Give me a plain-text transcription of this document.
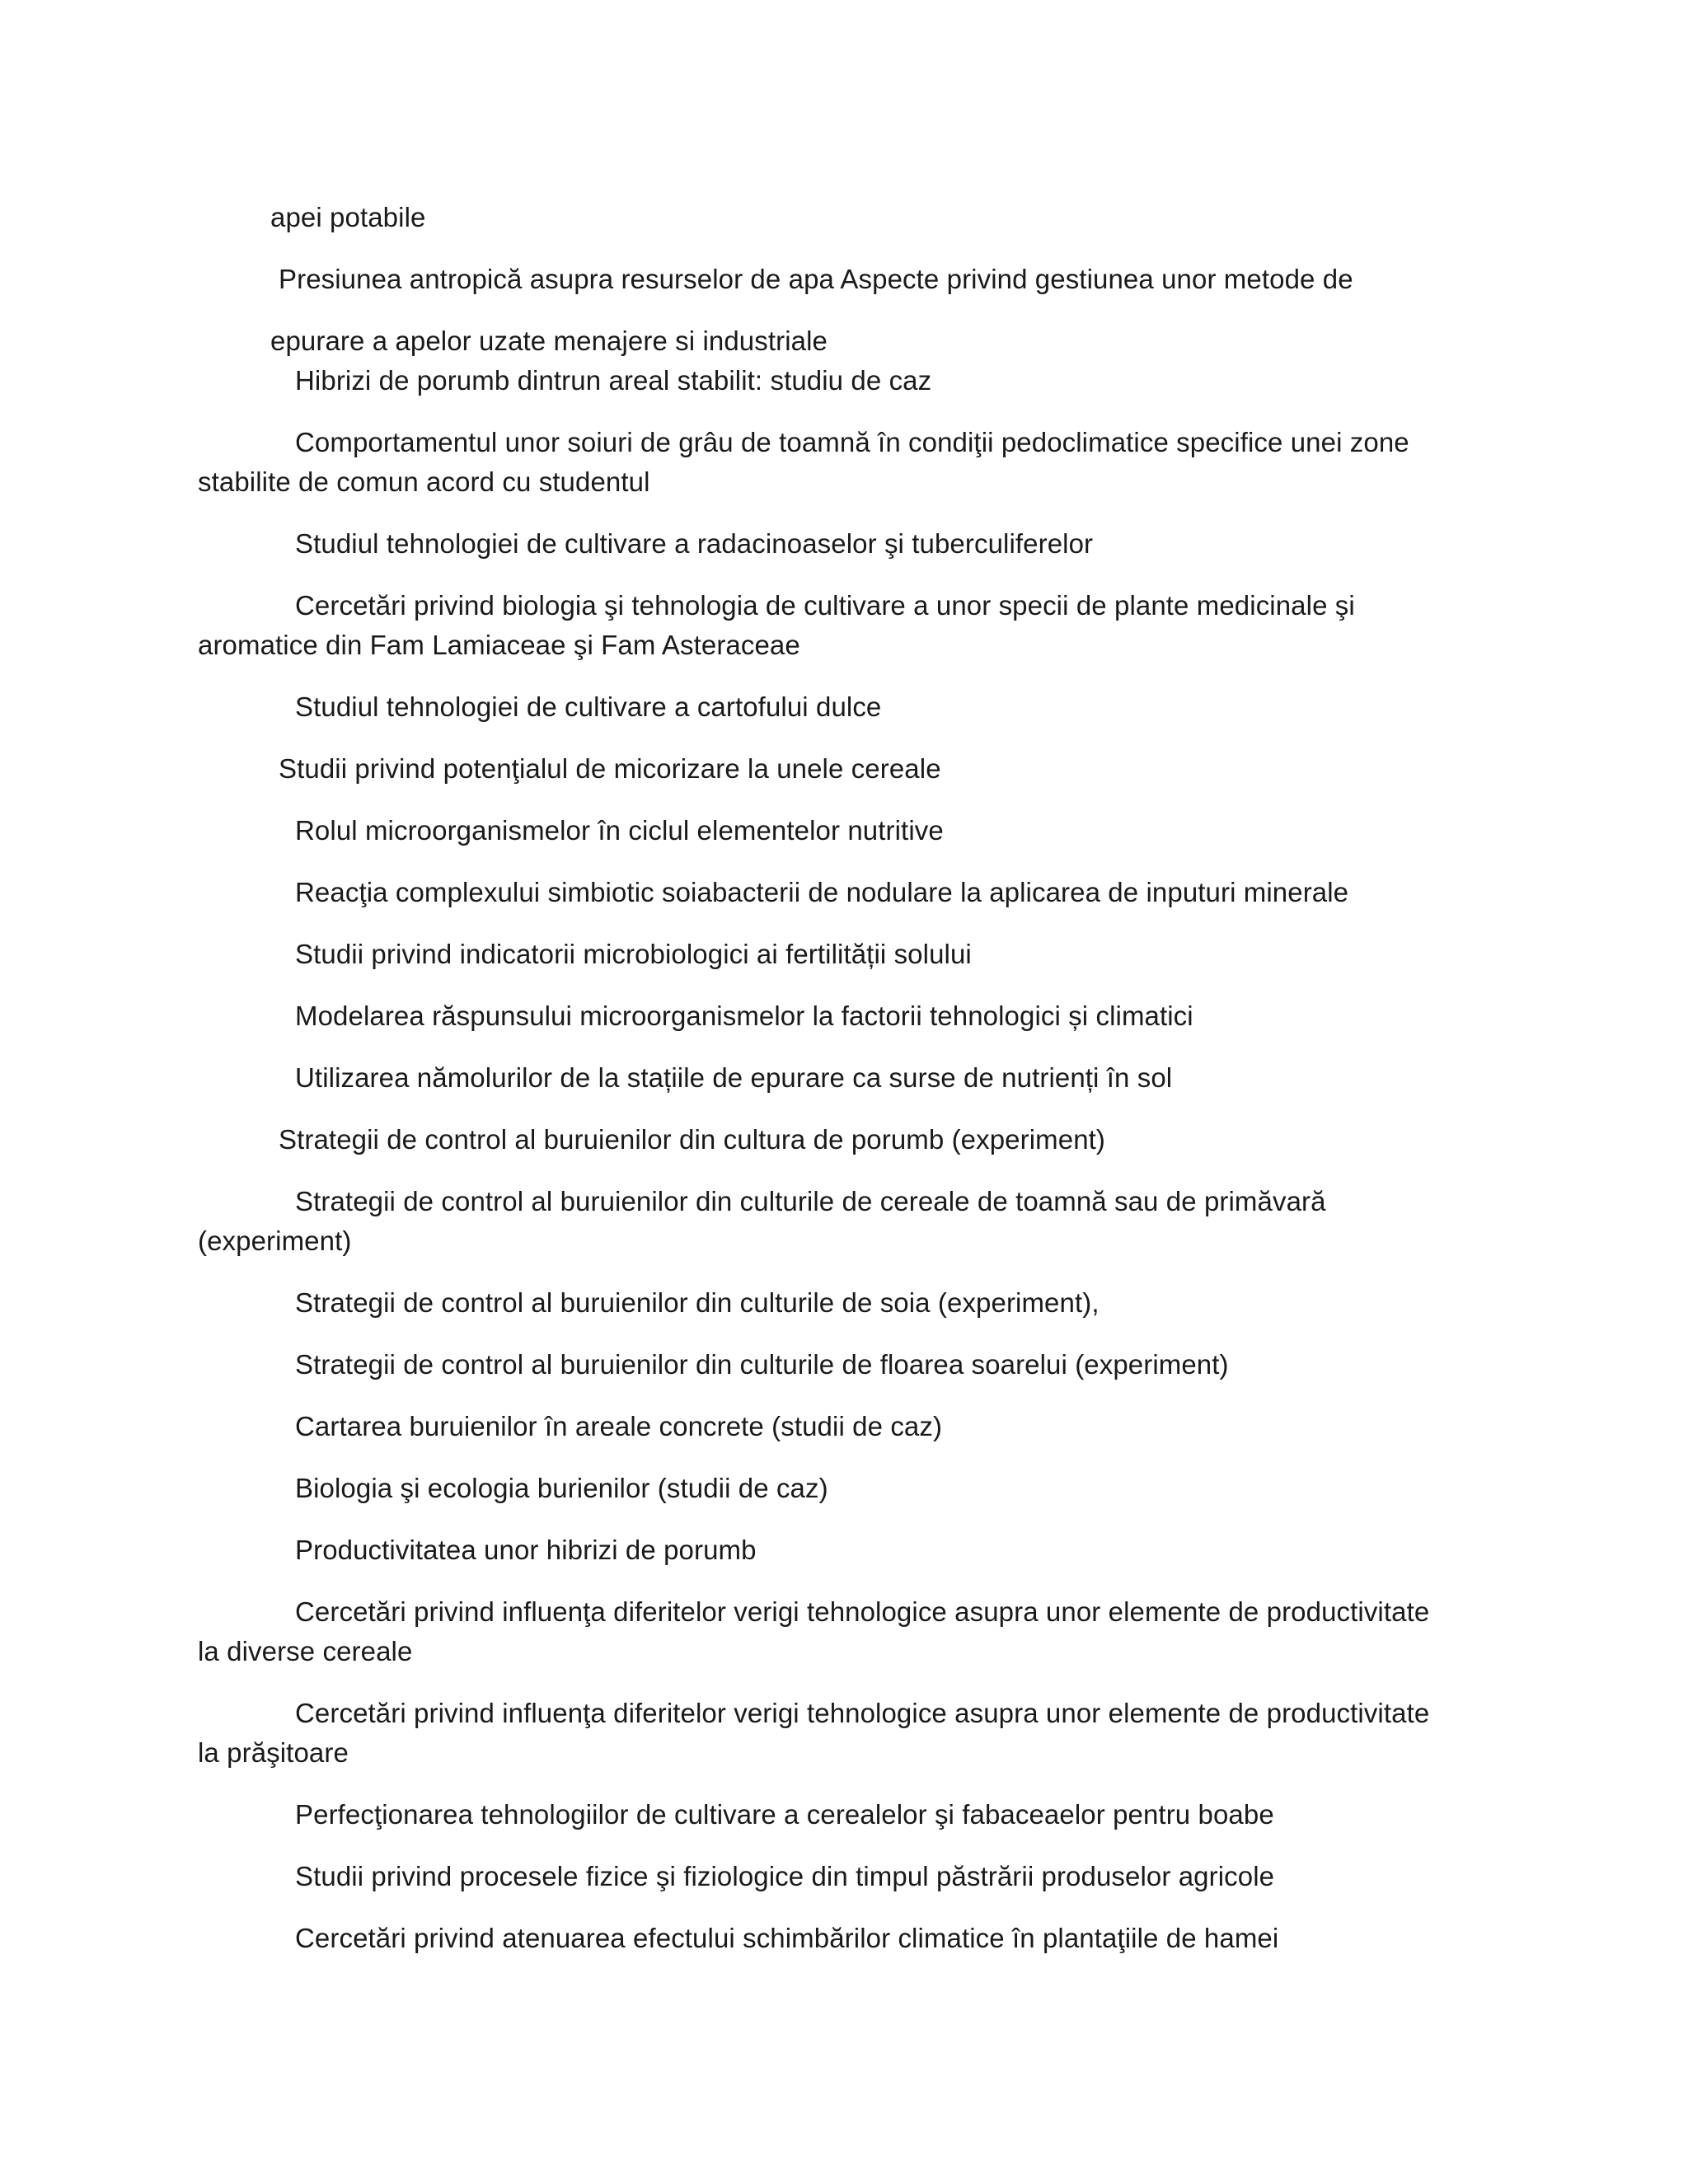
apei potabile
Presiunea antropică asupra resurselor de apa Aspecte privind gestiunea unor metode de
epurare a apelor uzate menajere si industriale
Hibrizi de porumb dintrun areal stabilit: studiu de caz
Comportamentul unor soiuri de grâu de toamnă în condiţii pedoclimatice specifice unei zone
stabilite de comun acord cu studentul
Studiul tehnologiei de cultivare a radacinoaselor şi tuberculiferelor
Cercetări privind biologia şi tehnologia de cultivare a unor specii de plante medicinale şi
aromatice din Fam Lamiaceae şi Fam Asteraceae
Studiul tehnologiei de cultivare a cartofului dulce
Studii privind potenţialul de micorizare la unele cereale
Rolul microorganismelor în ciclul elementelor nutritive
Reacţia complexului simbiotic soiabacterii de nodulare la aplicarea de inputuri minerale
Studii privind indicatorii microbiologici ai fertilității solului
Modelarea răspunsului microorganismelor la factorii tehnologici și climatici
Utilizarea nămolurilor de la stațiile de epurare ca surse de nutrienți în sol
Strategii de control al buruienilor din cultura de porumb (experiment)
Strategii de control al buruienilor din culturile de cereale de toamnă sau de primăvară
(experiment)
Strategii de control al buruienilor din culturile de soia (experiment),
Strategii de control al buruienilor din culturile de floarea soarelui (experiment)
Cartarea buruienilor în areale concrete (studii de caz)
Biologia şi ecologia burienilor (studii de caz)
Productivitatea unor hibrizi de porumb
Cercetări privind influenţa diferitelor verigi tehnologice asupra unor elemente de productivitate
la diverse cereale
Cercetări privind influenţa diferitelor verigi tehnologice asupra unor elemente de productivitate
la prăşitoare
Perfecţionarea tehnologiilor de cultivare a cerealelor şi fabaceaelor pentru boabe
Studii privind procesele fizice şi fiziologice din timpul păstrării produselor agricole
Cercetări privind atenuarea efectului schimbărilor climatice în plantaţiile de hamei
